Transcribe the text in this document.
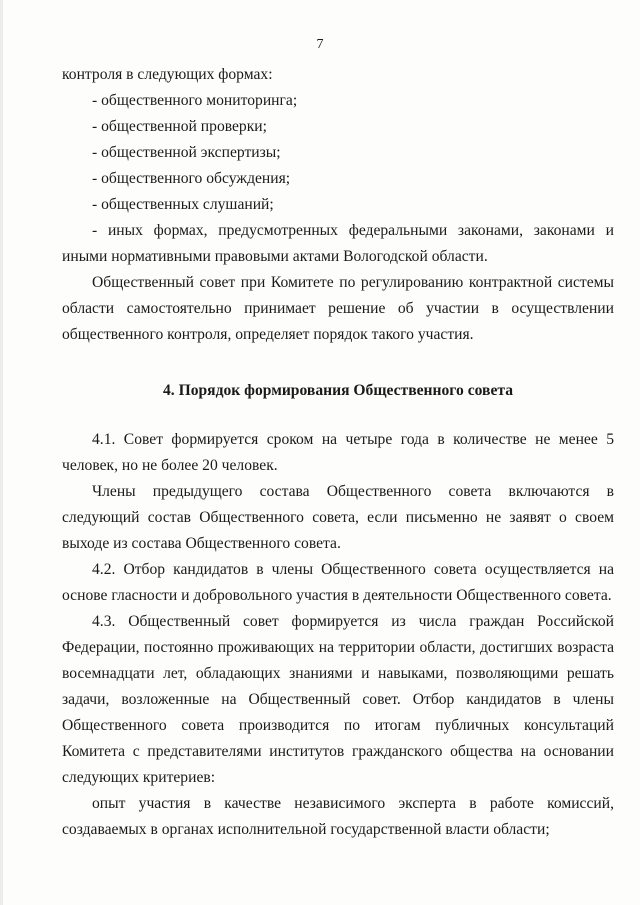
7

контроля в следующих формах:

- общественного мониторинга;

- общественной проверки;

- общественной экспертизы;

- общественного обсуждения;

- общественных слушаний;

- иных формах, предусмотренных федеральными законами, законами и иными нормативными правовыми актами Вологодской области.

Общественный совет при Комитете по регулированию контрактной системы области самостоятельно принимает решение об участии в осуществлении общественного контроля, определяет порядок такого участия.

4. Порядок формирования Общественного совета

4.1. Совет формируется сроком на четыре года в количестве не менее 5 человек, но не более 20 человек.

Члены предыдущего состава Общественного совета включаются в следующий состав Общественного совета, если письменно не заявят о своем выходе из состава Общественного совета.

4.2. Отбор кандидатов в члены Общественного совета осуществляется на основе гласности и добровольного участия в деятельности Общественного совета.

4.3. Общественный совет формируется из числа граждан Российской Федерации, постоянно проживающих на территории области, достигших возраста восемнадцати лет, обладающих знаниями и навыками, позволяющими решать задачи, возложенные на Общественный совет. Отбор кандидатов в члены Общественного совета производится по итогам публичных консультаций Комитета с представителями институтов гражданского общества на основании следующих критериев:

опыт участия в качестве независимого эксперта в работе комиссий, создаваемых в органах исполнительной государственной власти области;
